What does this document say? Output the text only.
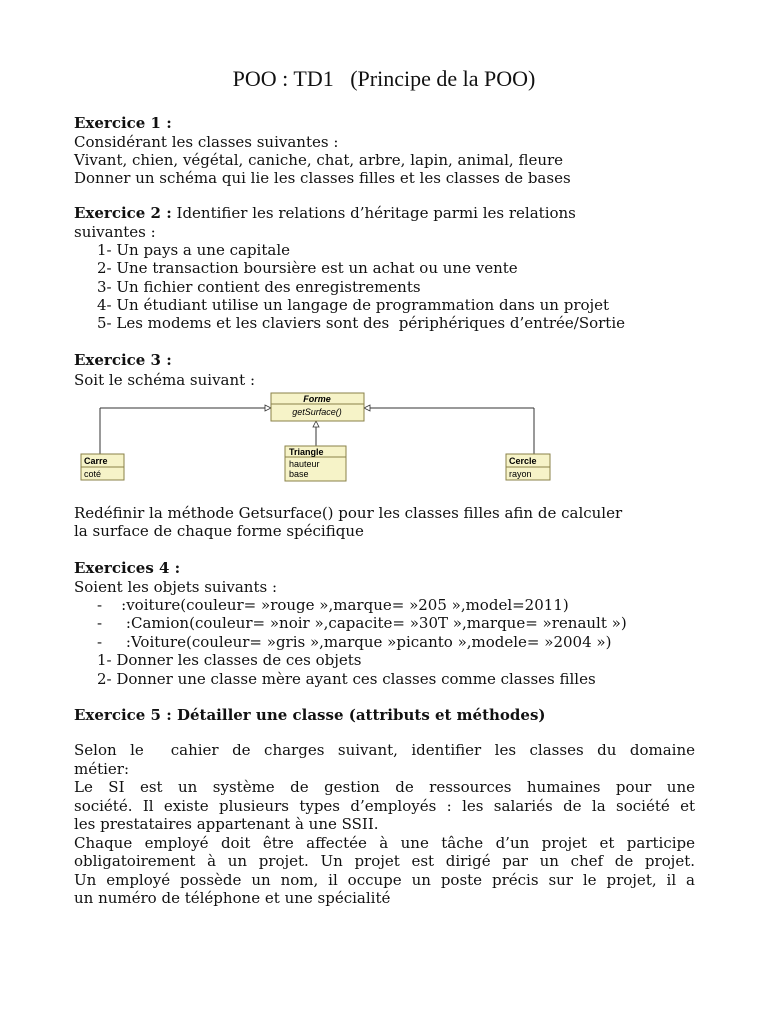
POO : TD1   (Principe de la POO)
Exercice 1 :
Considérant les classes suivantes :
Vivant, chien, végétal, caniche, chat, arbre, lapin, animal, fleure
Donner un schéma qui lie les classes filles et les classes de bases
Exercice 2 : Identifier les relations d’héritage parmi les relations
suivantes :
1- Un pays a une capitale
2- Une transaction boursière est un achat ou une vente
3- Un fichier contient des enregistrements
4- Un étudiant utilise un langage de programmation dans un projet
5- Les modems et les claviers sont des  périphériques d’entrée/Sortie
Exercice 3 :
Soit le schéma suivant :
Forme
getSurface()
Carre
coté
Triangle
hauteur
base
Cercle
rayon
Redéfinir la méthode Getsurface() pour les classes filles afin de calculer
la surface de chaque forme spécifique
Exercices 4 :
Soient les objets suivants :
-    :voiture(couleur= »rouge »,marque= »205 »,model=2011)
-     :Camion(couleur= »noir »,capacite= »30T »,marque= »renault »)
-     :Voiture(couleur= »gris »,marque »picanto »,modele= »2004 »)
1- Donner les classes de ces objets
2- Donner une classe mère ayant ces classes comme classes filles
Exercice 5 : Détailler une classe (attributs et méthodes)
Selon le  cahier de charges suivant, identifier les classes du domaine
métier:
Le SI est un système de gestion de ressources humaines pour une
société. Il existe plusieurs types d’employés : les salariés de la société et
les prestataires appartenant à une SSII.
Chaque employé doit être affectée à une tâche d’un projet et participe
obligatoirement à un projet. Un projet est dirigé par un chef de projet.
Un employé possède un nom, il occupe un poste précis sur le projet, il a
un numéro de téléphone et une spécialité
